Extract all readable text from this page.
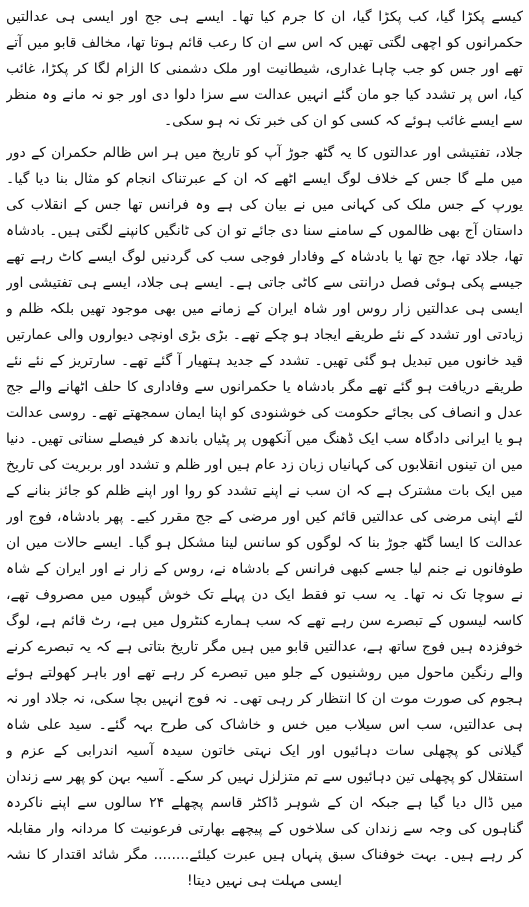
کیسے پکڑا گیا، کب پکڑا گیا، ان کا جرم کیا تھا۔ ایسے ہی جج اور ایسی ہی عدالتیں حکمرانوں کو اچھی لگتی تھیں کہ اس سے ان کا رعب قائم ہوتا تھا، مخالف قابو میں آتے تھے اور جس کو جب چاہا غداری، شیطانیت اور ملک دشمنی کا الزام لگا کر پکڑا، غائب کیا، اس پر تشدد کیا جو مان گئے انہیں عدالت سے سزا دلوا دی اور جو نہ مانے وہ منظر سے ایسے غائب ہوئے کہ کسی کو ان کی خبر تک نہ ہو سکی۔

جلاد، تفتیشی اور عدالتوں کا یہ گٹھ جوڑ آپ کو تاریخ میں ہر اس ظالم حکمران کے دور میں ملے گا جس کے خلاف لوگ ایسے اٹھے کہ ان کے عبرتناک انجام کو مثال بنا دیا گیا۔ یورپ کے جس ملک کی کہانی میں نے بیان کی ہے وہ فرانس تھا جس کے انقلاب کی داستان آج بھی ظالموں کے سامنے سنا دی جائے تو ان کی ٹانگیں کانپنے لگتی ہیں۔ بادشاہ تھا، جلاد تھا، جج تھا یا بادشاہ کے وفادار فوجی سب کی گردنیں لوگ ایسے کاٹ رہے تھے جیسے پکی ہوئی فصل درانتی سے کاٹی جاتی ہے۔ ایسے ہی جلاد، ایسے ہی تفتیشی اور ایسی ہی عدالتیں زار روس اور شاہ ایران کے زمانے میں بھی موجود تھیں بلکہ ظلم و زیادتی اور تشدد کے نئے طریقے ایجاد ہو چکے تھے۔ بڑی بڑی اونچی دیواروں والی عمارتیں قید خانوں میں تبدیل ہو گئی تھیں۔ تشدد کے جدید ہتھیار آ گئے تھے۔ سارتریز کے نئے نئے طریقے دریافت ہو گئے تھے مگر بادشاہ یا حکمرانوں سے وفاداری کا حلف اٹھانے والے جج عدل و انصاف کی بجائے حکومت کی خوشنودی کو اپنا ایمان سمجھتے تھے۔ روسی عدالت ہو یا ایرانی دادگاہ سب ایک ڈھنگ میں آنکھوں پر پٹیاں باندھ کر فیصلے سناتی تھیں۔ دنیا میں ان تینوں انقلابوں کی کہانیاں زبان زد عام ہیں اور ظلم و تشدد اور بربریت کی تاریخ میں ایک بات مشترک ہے کہ ان سب نے اپنے تشدد کو روا اور اپنے ظلم کو جائز بنانے کے لئے اپنی مرضی کی عدالتیں قائم کیں اور مرضی کے جج مقرر کیے۔ پھر بادشاہ، فوج اور عدالت کا ایسا گٹھ جوڑ بنا کہ لوگوں کو سانس لینا مشکل ہو گیا۔ ایسے حالات میں ان طوفانوں نے جنم لیا جسے کبھی فرانس کے بادشاہ نے، روس کے زار نے اور ایران کے شاہ نے سوچا تک نہ تھا۔ یہ سب تو فقط ایک دن پہلے تک خوش گپیوں میں مصروف تھے، کاسہ لیسوں کے تبصرے سن رہے تھے کہ سب ہمارے کنٹرول میں ہے، رٹ قائم ہے، لوگ خوفزدہ ہیں فوج ساتھ ہے، عدالتیں قابو میں ہیں مگر تاریخ بتاتی ہے کہ یہ تبصرے کرنے والے رنگین ماحول میں روشنیوں کے جلو میں تبصرے کر رہے تھے اور باہر کھولتے ہوئے ہجوم کی صورت موت ان کا انتظار کر رہی تھی۔ نہ فوج انہیں بچا سکی، نہ جلاد اور نہ ہی عدالتیں، سب اس سیلاب میں خس و خاشاک کی طرح بہہ گئے۔ سید علی شاہ گیلانی کو پچھلی سات دہائیوں اور ایک نہتی خاتون سیدہ آسیہ اندرابی کے عزم و استقلال کو پچھلی تین دہائیوں سے تم متزلزل نہیں کر سکے۔ آسیہ بہن کو پھر سے زندان میں ڈال دیا گیا ہے جبکہ ان کے شوہر ڈاکٹر قاسم پچھلے ۲۴ سالوں سے اپنے ناکردہ گناہوں کی وجہ سے زندان کی سلاخوں کے پیچھے بھارتی فرعونیت کا مردانہ وار مقابلہ کر رہے ہیں۔ بہت خوفناک سبق پنہاں ہیں عبرت کیلئے........ مگر شائد اقتدار کا نشہ ایسی مہلت ہی نہیں دیتا!
